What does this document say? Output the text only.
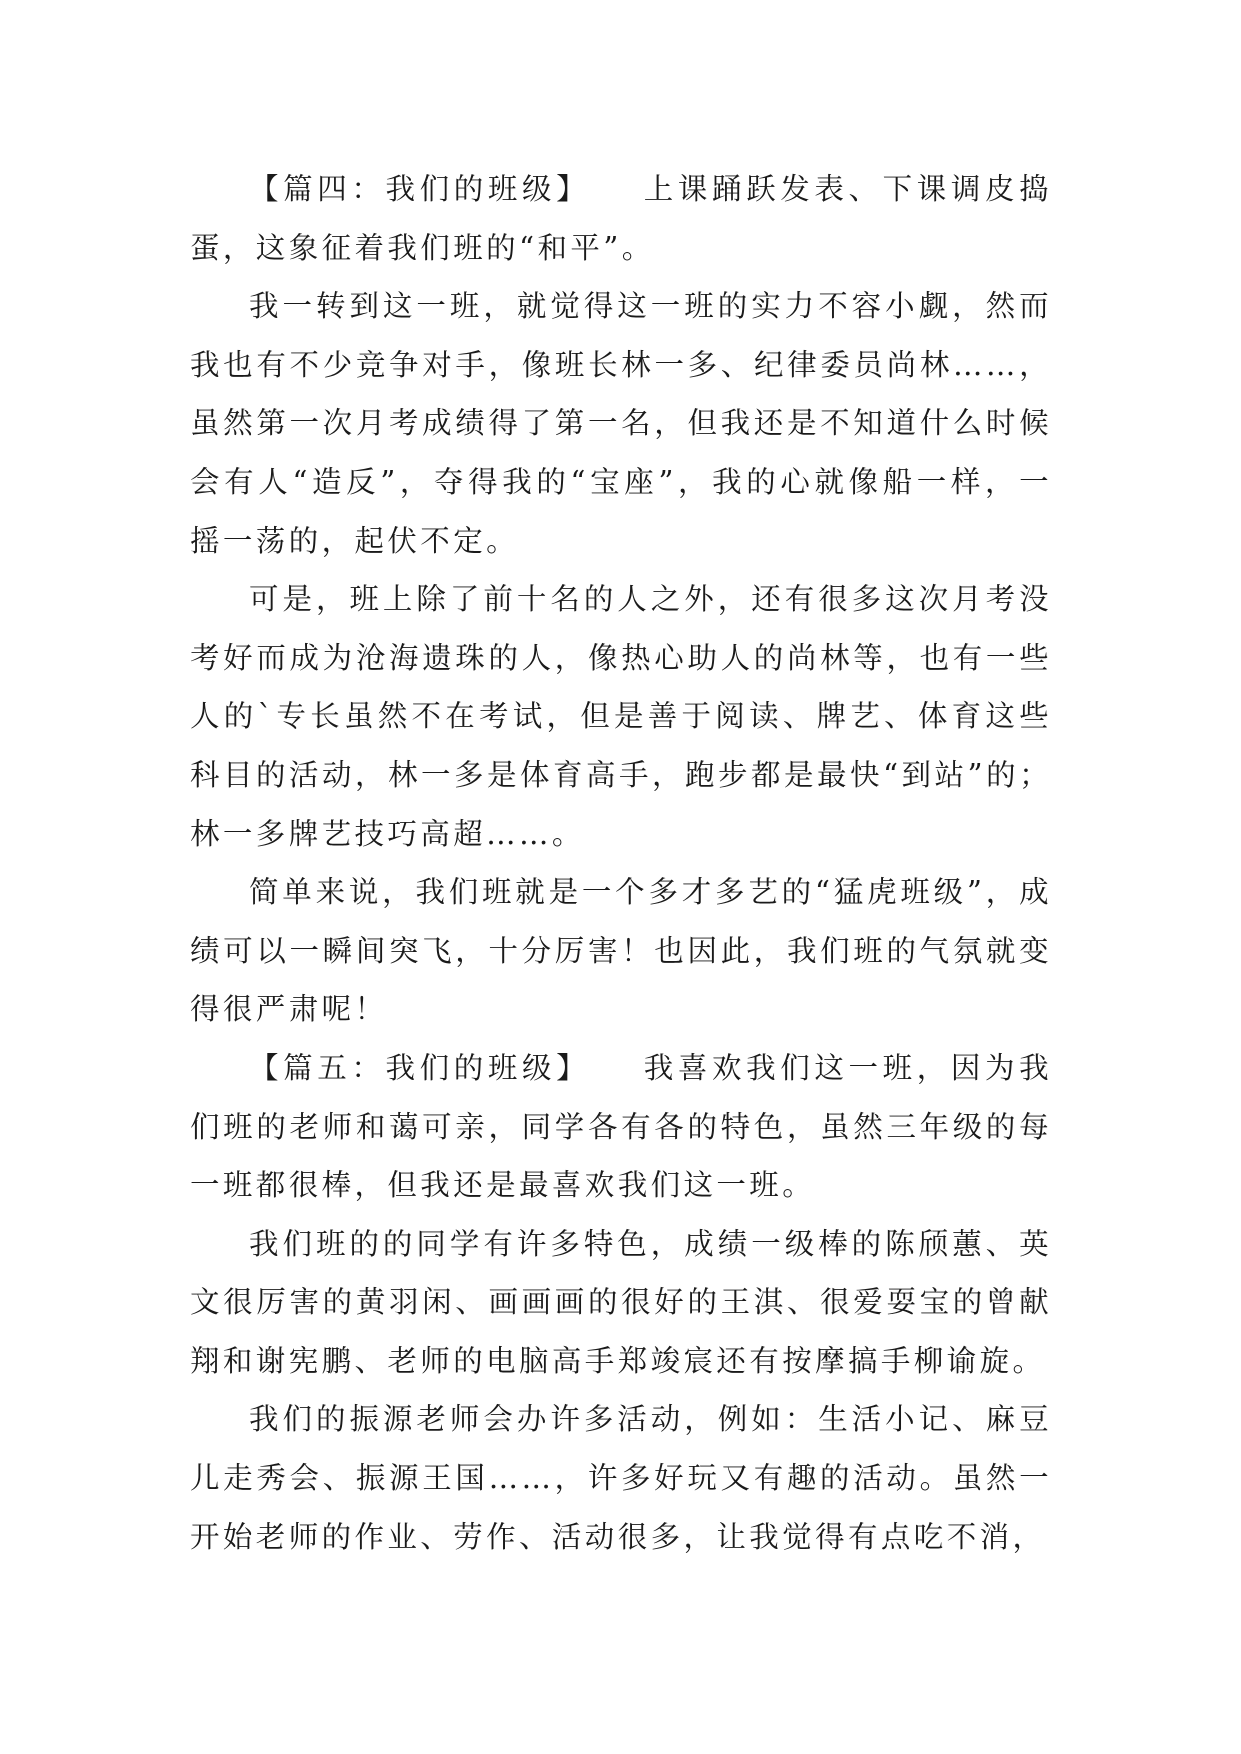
【篇四：我们的班级】　　上课踊跃发表、下课调皮捣蛋，这象征着我们班的“和平”。

我一转到这一班，就觉得这一班的实力不容小觑，然而我也有不少竞争对手，像班长林一多、纪律委员尚林……，虽然第一次月考成绩得了第一名，但我还是不知道什么时候会有人“造反”，夺得我的“宝座”，我的心就像船一样，一摇一荡的，起伏不定。

可是，班上除了前十名的人之外，还有很多这次月考没考好而成为沧海遗珠的人，像热心助人的尚林等，也有一些人的`专长虽然不在考试，但是善于阅读、牌艺、体育这些科目的活动，林一多是体育高手，跑步都是最快“到站”的；林一多牌艺技巧高超……。

简单来说，我们班就是一个多才多艺的“猛虎班级”，成绩可以一瞬间突飞，十分厉害！也因此，我们班的气氛就变得很严肃呢！

【篇五：我们的班级】　　我喜欢我们这一班，因为我们班的老师和蔼可亲，同学各有各的特色，虽然三年级的每一班都很棒，但我还是最喜欢我们这一班。

我们班的的同学有许多特色，成绩一级棒的陈颀蕙、英文很厉害的黄羽闲、画画画的很好的王淇、很爱耍宝的曾献翔和谢宪鹏、老师的电脑高手郑竣宸还有按摩搞手柳谕旋。

我们的振源老师会办许多活动，例如：生活小记、麻豆儿走秀会、振源王国……，许多好玩又有趣的活动。虽然一开始老师的作业、劳作、活动很多，让我觉得有点吃不消，
